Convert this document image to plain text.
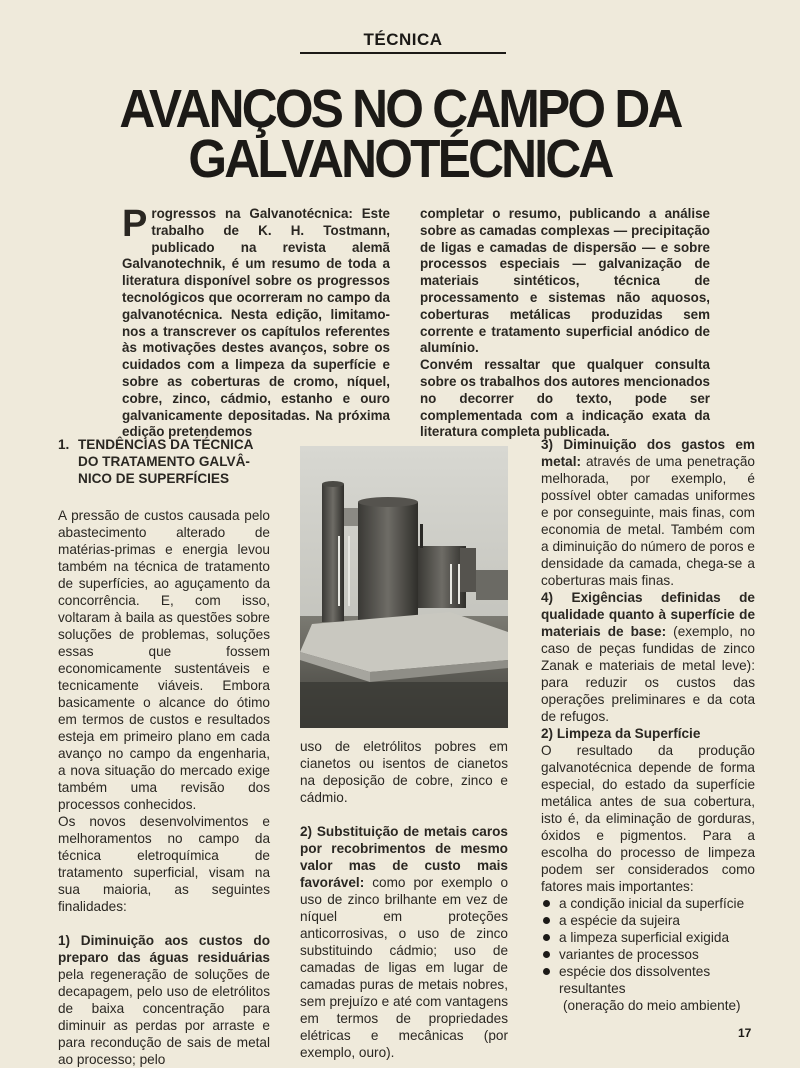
TÉCNICA
AVANÇOS NO CAMPO DA
GALVANOTÉCNICA

Progressos na Galvanotécnica: Este trabalho de K. H. Tostmann, publicado na revista alemã Galvanotechnik, é um resumo de toda a literatura disponível sobre os progressos tecnológicos que ocorreram no campo da galvanotécnica. Nesta edição, limitamo-nos a transcrever os capítulos referentes às motivações destes avanços, sobre os cuidados com a limpeza da superfície e sobre as coberturas de cromo, níquel, cobre, zinco, cádmio, estanho e ouro galvanicamente depositadas. Na próxima edição pretendemos

completar o resumo, publicando a análise sobre as camadas complexas — precipitação de ligas e camadas de dispersão — e sobre processos especiais — galvanização de materiais sintéticos, técnica de processamento e sistemas não aquosos, coberturas metálicas produzidas sem corrente e tratamento superficial anódico de alumínio.

Convém ressaltar que qualquer consulta sobre os trabalhos dos autores mencionados no decorrer do texto, pode ser complementada com a indicação exata da literatura completa publicada.

1. TENDÊNCIAS DA TÉCNICA
DO TRATAMENTO GALVÂ-
NICO DE SUPERFÍCIES

A pressão de custos causada pelo abastecimento alterado de matérias-primas e energia levou também na técnica de tratamento de superfícies, ao aguçamento da concorrência. E, com isso, voltaram à baila as questões sobre soluções de problemas, soluções essas que fossem economicamente sustentáveis e tecnicamente viáveis. Embora basicamente o alcance do ótimo em termos de custos e resultados esteja em primeiro plano em cada avanço no campo da engenharia, a nova situação do mercado exige também uma revisão dos processos conhecidos.

Os novos desenvolvimentos e melhoramentos no campo da técnica eletroquímica de tratamento superficial, visam na sua maioria, as seguintes finalidades:

1) Diminuição aos custos do preparo das águas residuárias pela regeneração de soluções de decapagem, pelo uso de eletrólitos de baixa concentração para diminuir as perdas por arraste e para recondução de sais de metal ao processo; pelo

uso de eletrólitos pobres em cianetos ou isentos de cianetos na deposição de cobre, zinco e cádmio.

2) Substituição de metais caros por recobrimentos de mesmo valor mas de custo mais favorável: como por exemplo o uso de zinco brilhante em vez de níquel em proteções anticorrosivas, o uso de zinco substituindo cádmio; uso de camadas de ligas em lugar de camadas puras de metais nobres, sem prejuízo e até com vantagens em termos de propriedades elétricas e mecânicas (por exemplo, ouro).

3) Diminuição dos gastos em metal: através de uma penetração melhorada, por exemplo, é possível obter camadas uniformes e por conseguinte, mais finas, com economia de metal. Também com a diminuição do número de poros e densidade da camada, chega-se a coberturas mais finas.

4) Exigências definidas de qualidade quanto à superfície de materiais de base: (exemplo, no caso de peças fundidas de zinco Zanak e materiais de metal leve): para reduzir os custos das operações preliminares e da cota de refugos.

2) Limpeza da Superfície

O resultado da produção galvanotécnica depende de forma especial, do estado da superfície metálica antes de sua cobertura, isto é, da eliminação de gorduras, óxidos e pigmentos. Para a escolha do processo de limpeza podem ser considerados como fatores mais importantes:

a condição inicial da superfície
a espécie da sujeira
a limpeza superficial exigida
variantes de processos
espécie dos dissolventes resultantes

(oneração do meio ambiente)

17
